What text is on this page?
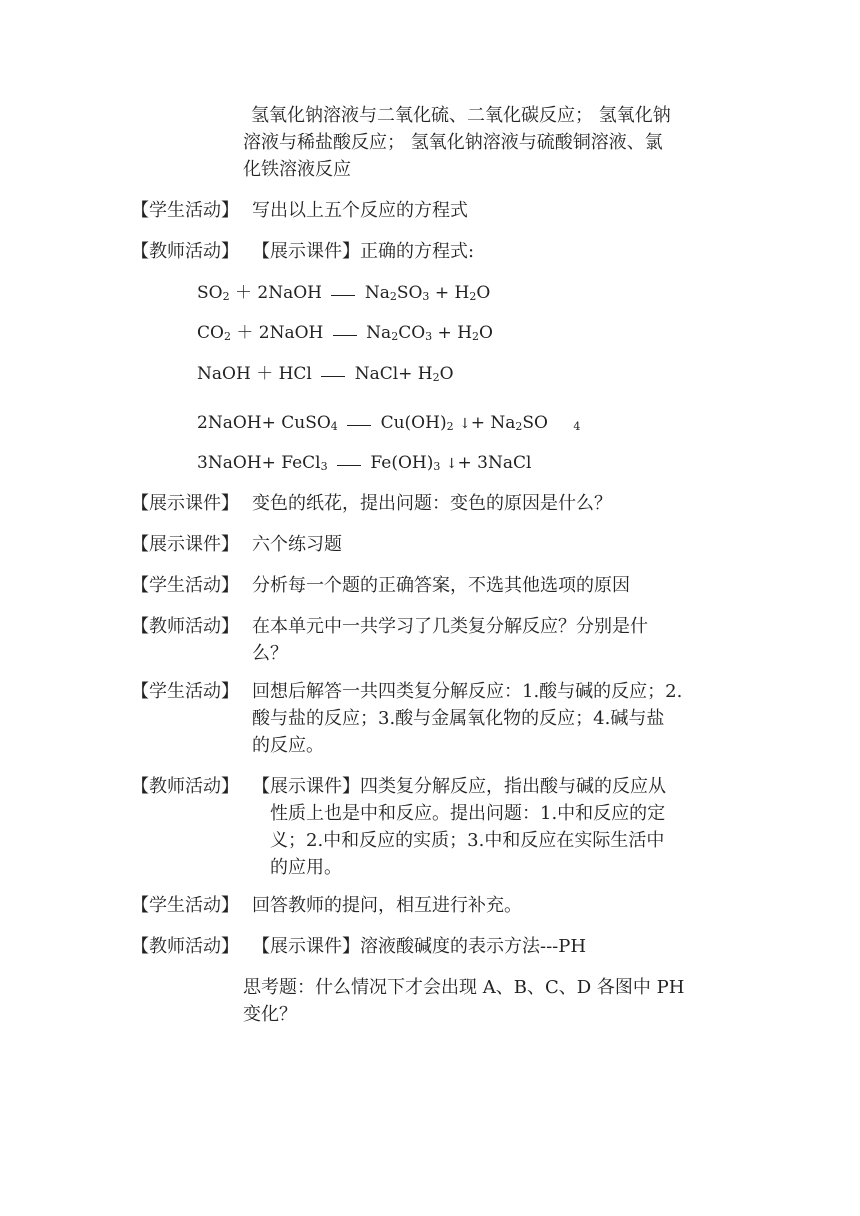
氢氧化钠溶液与二氧化硫、二氧化碳反应； 氢氧化钠
溶液与稀盐酸反应； 氢氧化钠溶液与硫酸铜溶液、氯
化铁溶液反应
【学生活动】 写出以上五个反应的方程式
【教师活动】 【展示课件】正确的方程式:
$SO_2$ ＋ 2NaOH	$Na_2SO_3 + H_2O$
$CO_2$ ＋ 2NaOH	$Na_2CO_3 + H_2O$
NaOH ＋ HCl	NaCl+ $H_2O$
2NaOH+ CuSO$_4$	$Cu(OH)_2$ ↓+ $Na_2SO$ $_4$
3NaOH+ FeCl$_3$	$Fe(OH)_3$ ↓+ 3NaCl
【展示课件】 变色的纸花，提出问题：变色的原因是什么？
【展示课件】 六个练习题
【学生活动】 分析每一个题的正确答案，不选其他选项的原因
【教师活动】 在本单元中一共学习了几类复分解反应？分别是什
么？
【学生活动】 回想后解答一共四类复分解反应：1.酸与碱的反应；2.
酸与盐的反应；3.酸与金属氧化物的反应；4.碱与盐
的反应。
【教师活动】 【展示课件】四类复分解反应，指出酸与碱的反应从
性质上也是中和反应。提出问题：1.中和反应的定
义；2.中和反应的实质；3.中和反应在实际生活中
的应用。
【学生活动】 回答教师的提问，相互进行补充。
【教师活动】 【展示课件】溶液酸碱度的表示方法---PH
思考题：什么情况下才会出现 A、B、C、D 各图中 PH
变化？
